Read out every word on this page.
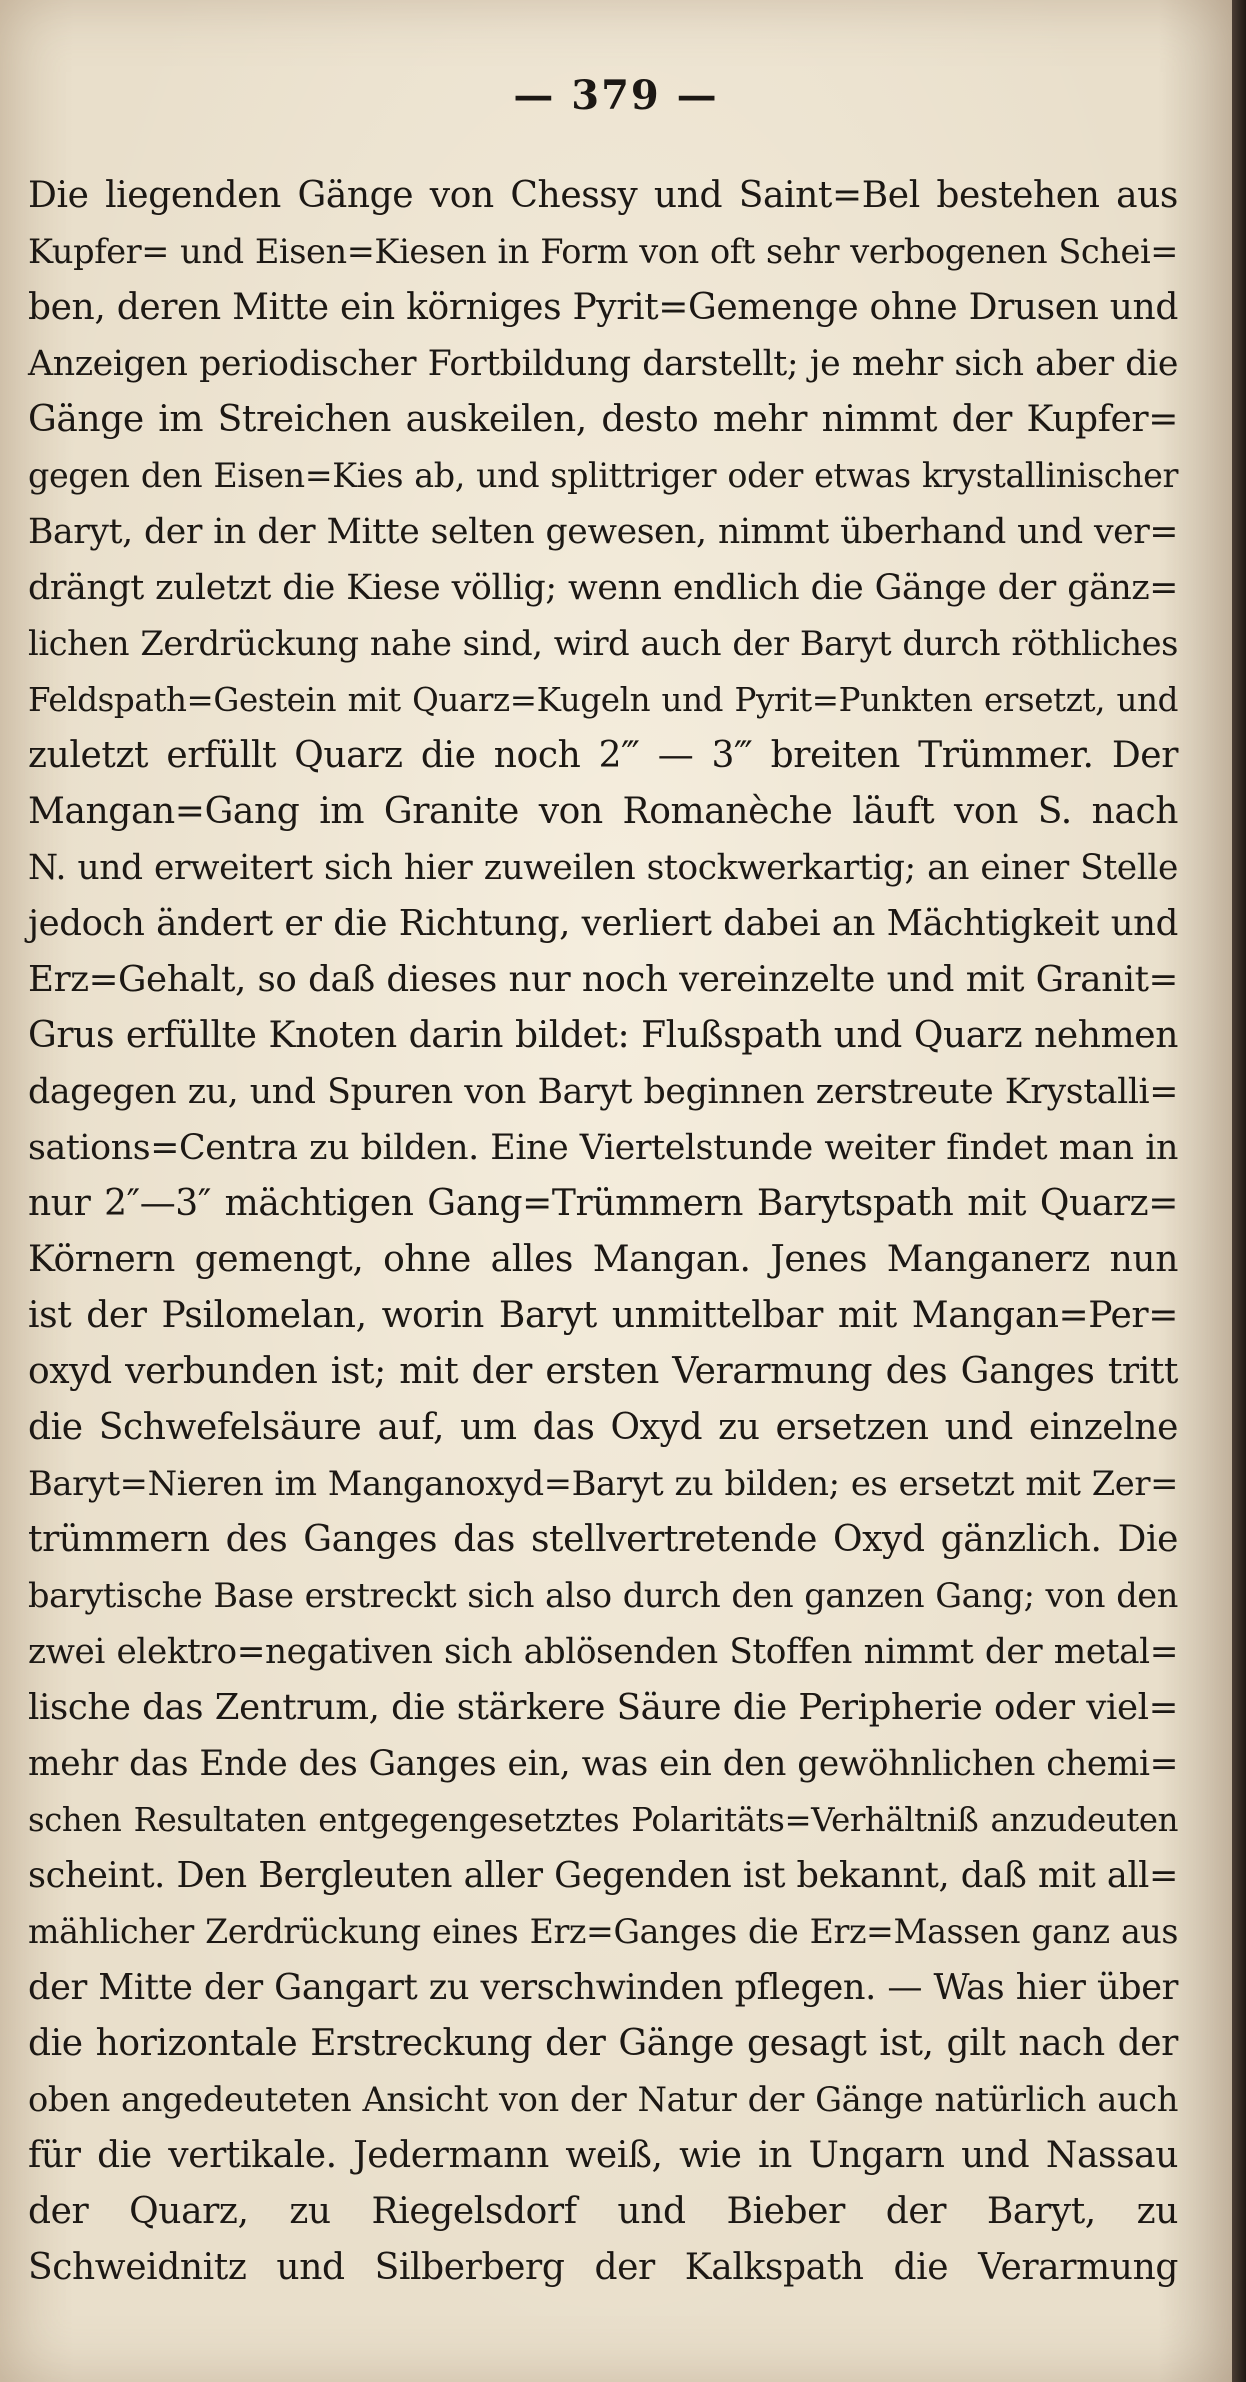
— 379 —
Die liegenden Gänge von Chessy und Saint=Bel bestehen aus
Kupfer= und Eisen=Kiesen in Form von oft sehr verbogenen Schei=
ben, deren Mitte ein körniges Pyrit=Gemenge ohne Drusen und
Anzeigen periodischer Fortbildung darstellt; je mehr sich aber die
Gänge im Streichen auskeilen, desto mehr nimmt der Kupfer=
gegen den Eisen=Kies ab, und splittriger oder etwas krystallinischer
Baryt, der in der Mitte selten gewesen, nimmt überhand und ver=
drängt zuletzt die Kiese völlig; wenn endlich die Gänge der gänz=
lichen Zerdrückung nahe sind, wird auch der Baryt durch röthliches
Feldspath=Gestein mit Quarz=Kugeln und Pyrit=Punkten ersetzt, und
zuletzt erfüllt Quarz die noch 2‴ — 3‴ breiten Trümmer. Der
Mangan=Gang im Granite von Romanèche läuft von S. nach
N. und erweitert sich hier zuweilen stockwerkartig; an einer Stelle
jedoch ändert er die Richtung, verliert dabei an Mächtigkeit und
Erz=Gehalt, so daß dieses nur noch vereinzelte und mit Granit=
Grus erfüllte Knoten darin bildet: Flußspath und Quarz nehmen
dagegen zu, und Spuren von Baryt beginnen zerstreute Krystalli=
sations=Centra zu bilden. Eine Viertelstunde weiter findet man in
nur 2″—3″ mächtigen Gang=Trümmern Barytspath mit Quarz=
Körnern gemengt, ohne alles Mangan. Jenes Manganerz nun
ist der Psilomelan, worin Baryt unmittelbar mit Mangan=Per=
oxyd verbunden ist; mit der ersten Verarmung des Ganges tritt
die Schwefelsäure auf, um das Oxyd zu ersetzen und einzelne
Baryt=Nieren im Manganoxyd=Baryt zu bilden; es ersetzt mit Zer=
trümmern des Ganges das stellvertretende Oxyd gänzlich. Die
barytische Base erstreckt sich also durch den ganzen Gang; von den
zwei elektro=negativen sich ablösenden Stoffen nimmt der metal=
lische das Zentrum, die stärkere Säure die Peripherie oder viel=
mehr das Ende des Ganges ein, was ein den gewöhnlichen chemi=
schen Resultaten entgegengesetztes Polaritäts=Verhältniß anzudeuten
scheint. Den Bergleuten aller Gegenden ist bekannt, daß mit all=
mählicher Zerdrückung eines Erz=Ganges die Erz=Massen ganz aus
der Mitte der Gangart zu verschwinden pflegen. — Was hier über
die horizontale Erstreckung der Gänge gesagt ist, gilt nach der
oben angedeuteten Ansicht von der Natur der Gänge natürlich auch
für die vertikale. Jedermann weiß, wie in Ungarn und Nassau
der Quarz, zu Riegelsdorf und Bieber der Baryt, zu
Schweidnitz und Silberberg der Kalkspath die Verarmung
